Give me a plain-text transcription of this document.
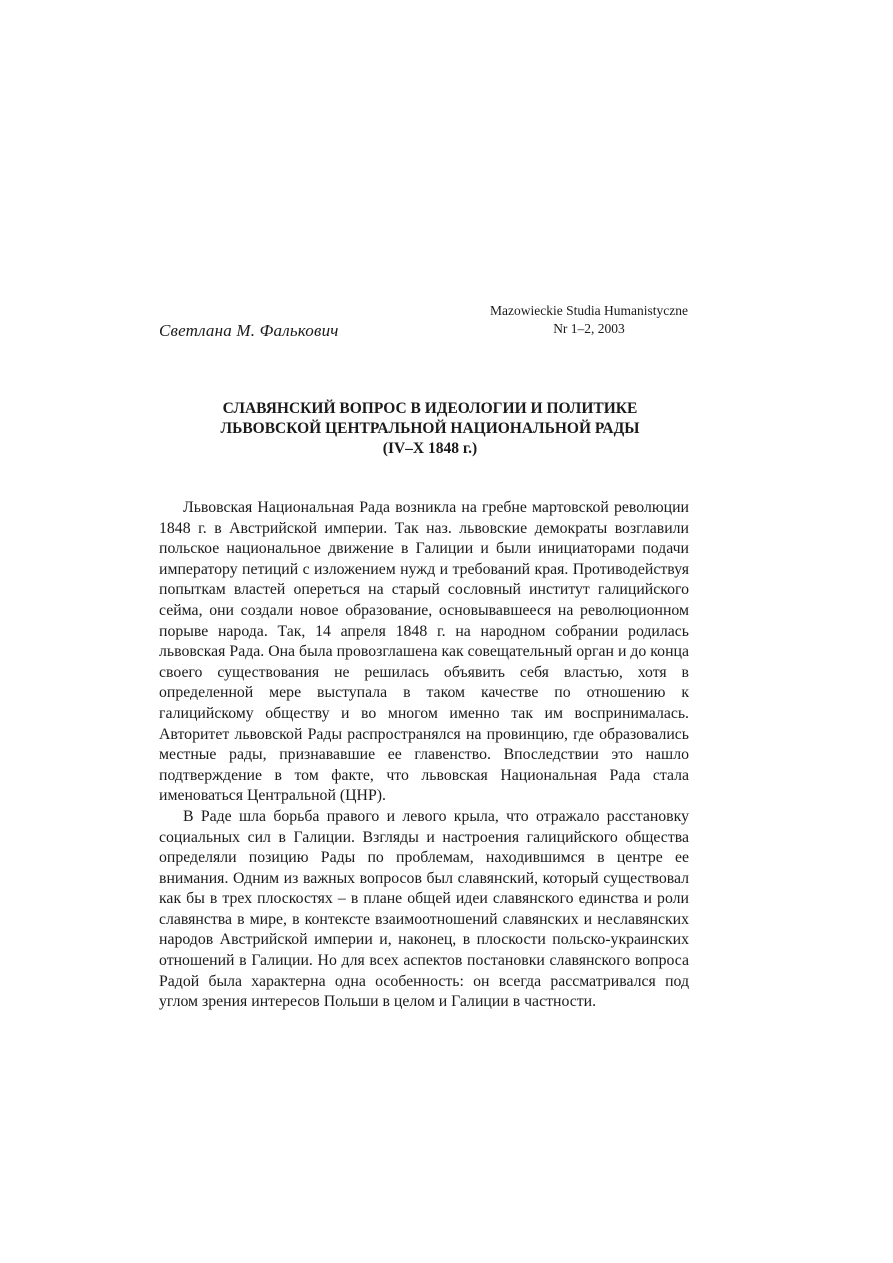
Mazowieckie Studia Humanistyczne
Nr 1–2, 2003
Светлана М. Фалькович
СЛАВЯНСКИЙ ВОПРОС В ИДЕОЛОГИИ И ПОЛИТИКЕ
ЛЬВОВСКОЙ ЦЕНТРАЛЬНОЙ НАЦИОНАЛЬНОЙ РАДЫ
(IV–X 1848 г.)

Львовская Национальная Рада возникла на гребне мартовской революции 1848 г. в Австрийской империи. Так наз. львовские демократы возглавили польское национальное движение в Галиции и были инициаторами подачи императору петиций с изложением нужд и требований края. Противодействуя попыткам властей опереться на старый сословный институт галицийского сейма, они создали новое образование, основывавшееся на революционном порыве народа. Так, 14 апреля 1848 г. на народном собрании родилась львовская Рада. Она была провозглашена как совещательный орган и до конца своего существования не решилась объявить себя властью, хотя в определенной мере выступала в таком качестве по отношению к галицийскому обществу и во многом именно так им воспринималась. Авторитет львовской Рады распространялся на провинцию, где образовались местные рады, признававшие ее главенство. Впоследствии это нашло подтверждение в том факте, что львовская Национальная Рада стала именоваться Центральной (ЦНР).

В Раде шла борьба правого и левого крыла, что отражало расстановку социальных сил в Галиции. Взгляды и настроения галицийского общества определяли позицию Рады по проблемам, находившимся в центре ее внимания. Одним из важных вопросов был славянский, который существовал как бы в трех плоскостях – в плане общей идеи славянского единства и роли славянства в мире, в контексте взаимоотношений славянских и неславянских народов Австрийской империи и, наконец, в плоскости польско-украинских отношений в Галиции. Но для всех аспектов постановки славянского вопроса Радой была характерна одна особенность: он всегда рассматривался под углом зрения интересов Польши в целом и Галиции в частности.
